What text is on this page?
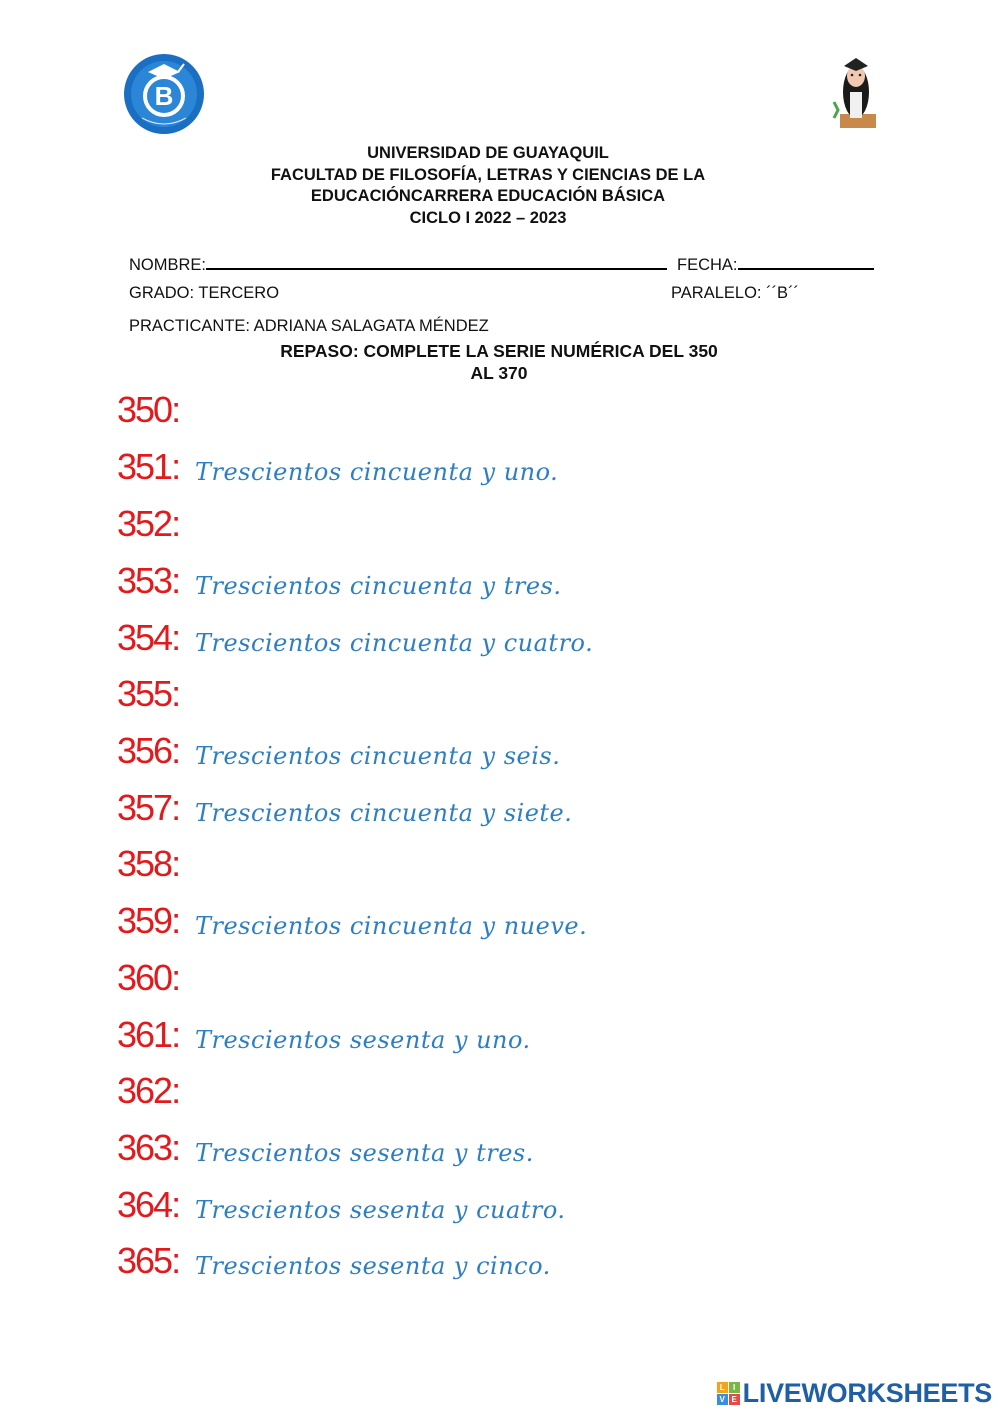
B
UNIVERSIDAD DE GUAYAQUIL
FACULTAD DE FILOSOFÍA, LETRAS Y CIENCIAS DE LA
EDUCACIÓNCARRERA EDUCACIÓN BÁSICA
CICLO I 2022 – 2023
NOMBRE:	FECHA:
GRADO: TERCERO	PARALELO: ´´B´´
PRACTICANTE: ADRIANA SALAGATA MÉNDEZ
REPASO: COMPLETE LA SERIE NUMÉRICA DEL 350
AL 370
350:
351: Trescientos cincuenta y uno.
352:
353: Trescientos cincuenta y tres.
354: Trescientos cincuenta y cuatro.
355:
356: Trescientos cincuenta y seis.
357: Trescientos cincuenta y siete.
358:
359: Trescientos cincuenta y nueve.
360:
361: Trescientos sesenta y uno.
362:
363: Trescientos sesenta y tres.
364: Trescientos sesenta y cuatro.
365: Trescientos sesenta y cinco.
L	I
V E LIVEWORKSHEETS
